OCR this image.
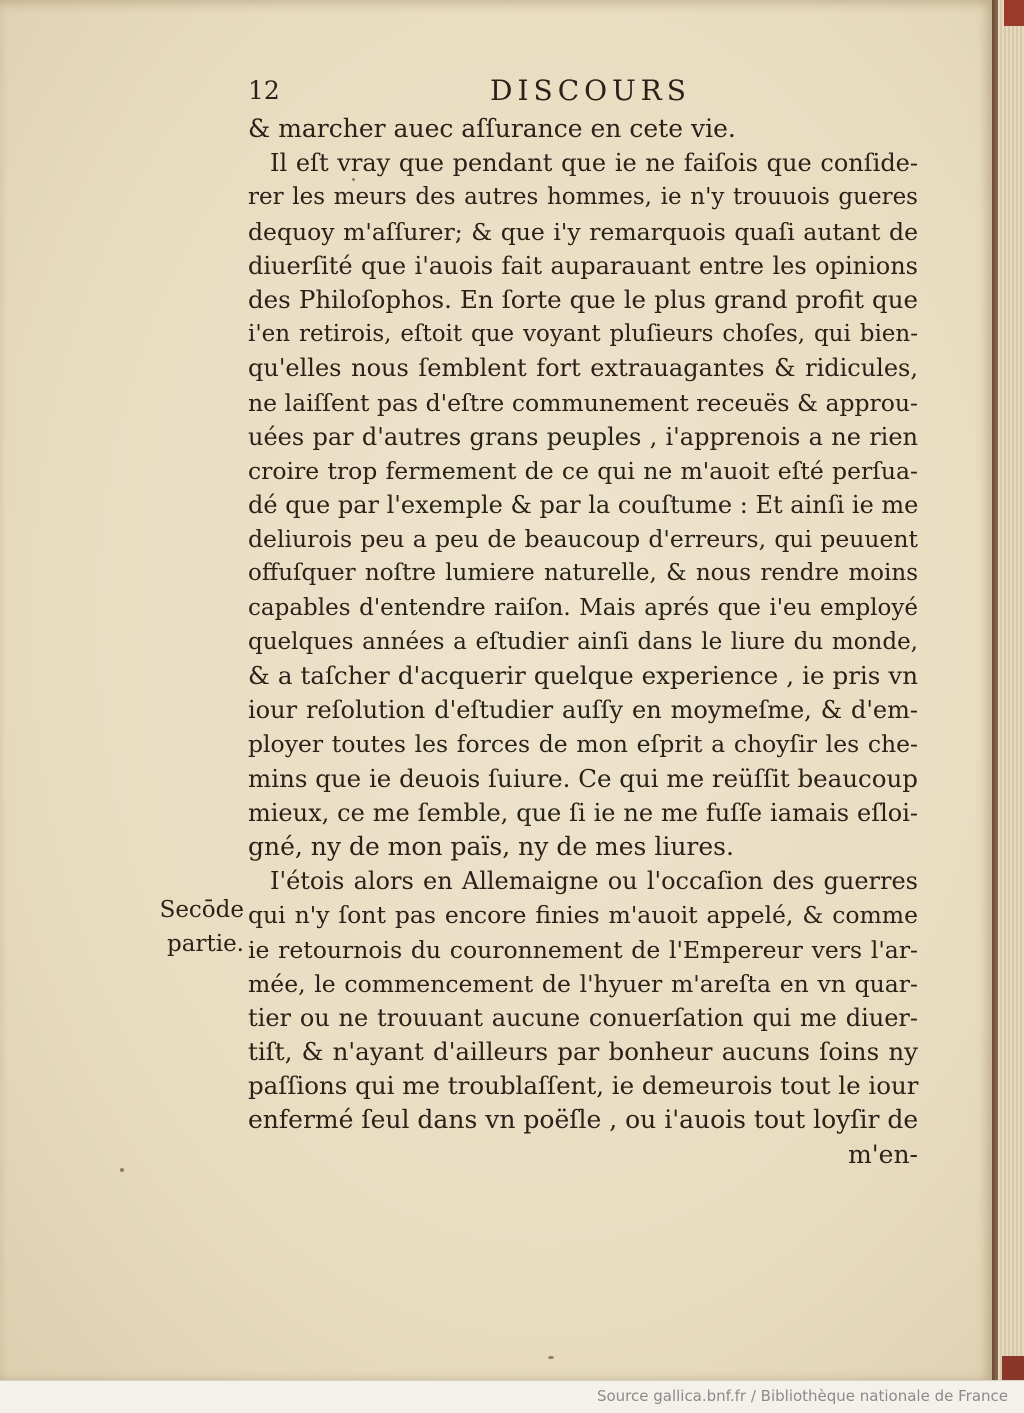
12	DISCOURS
Secōde
partie.
& marcher auec aſſurance en cete vie.
Il eſt vray que pendant que ie ne faiſois que conſide-
rer les meurs des autres hommes, ie n'y trouuois gueres
dequoy m'aſſurer; & que i'y remarquois quaſi autant de
diuerſité que i'auois fait auparauant entre les opinions
des Philoſophos. En ſorte que le plus grand profit que
i'en retirois, eſtoit que voyant pluſieurs choſes, qui bien-
qu'elles nous ſemblent fort extrauagantes & ridicules,
ne laiſſent pas d'eſtre communement receuës & approu-
uées par d'autres grans peuples , i'apprenois a ne rien
croire trop fermement de ce qui ne m'auoit eſté perſua-
dé que par l'exemple & par la couſtume : Et ainſi ie me
deliurois peu a peu de beaucoup d'erreurs, qui peuuent
offuſquer noſtre lumiere naturelle, & nous rendre moins
capables d'entendre raiſon. Mais aprés que i'eu employé
quelques années a eſtudier ainſi dans le liure du monde,
& a taſcher d'acquerir quelque experience , ie pris vn
iour reſolution d'eſtudier auſſy en moymeſme, & d'em-
ployer toutes les forces de mon eſprit a choyſir les che-
mins que ie deuois ſuiure. Ce qui me reüſſit beaucoup
mieux, ce me ſemble, que ſi ie ne me fuſſe iamais eſloi-
gné, ny de mon païs, ny de mes liures.
I'étois alors en Allemaigne ou l'occaſion des guerres
qui n'y ſont pas encore finies m'auoit appelé, & comme
ie retournois du couronnement de l'Empereur vers l'ar-
mée, le commencement de l'hyuer m'areſta en vn quar-
tier ou ne trouuant aucune conuerſation qui me diuer-
tiſt, & n'ayant d'ailleurs par bonheur aucuns ſoins ny
paſſions qui me troublaſſent, ie demeurois tout le iour
enfermé ſeul dans vn poëſle , ou i'auois tout loyſir de
m'en-
Source gallica.bnf.fr / Bibliothèque nationale de France
